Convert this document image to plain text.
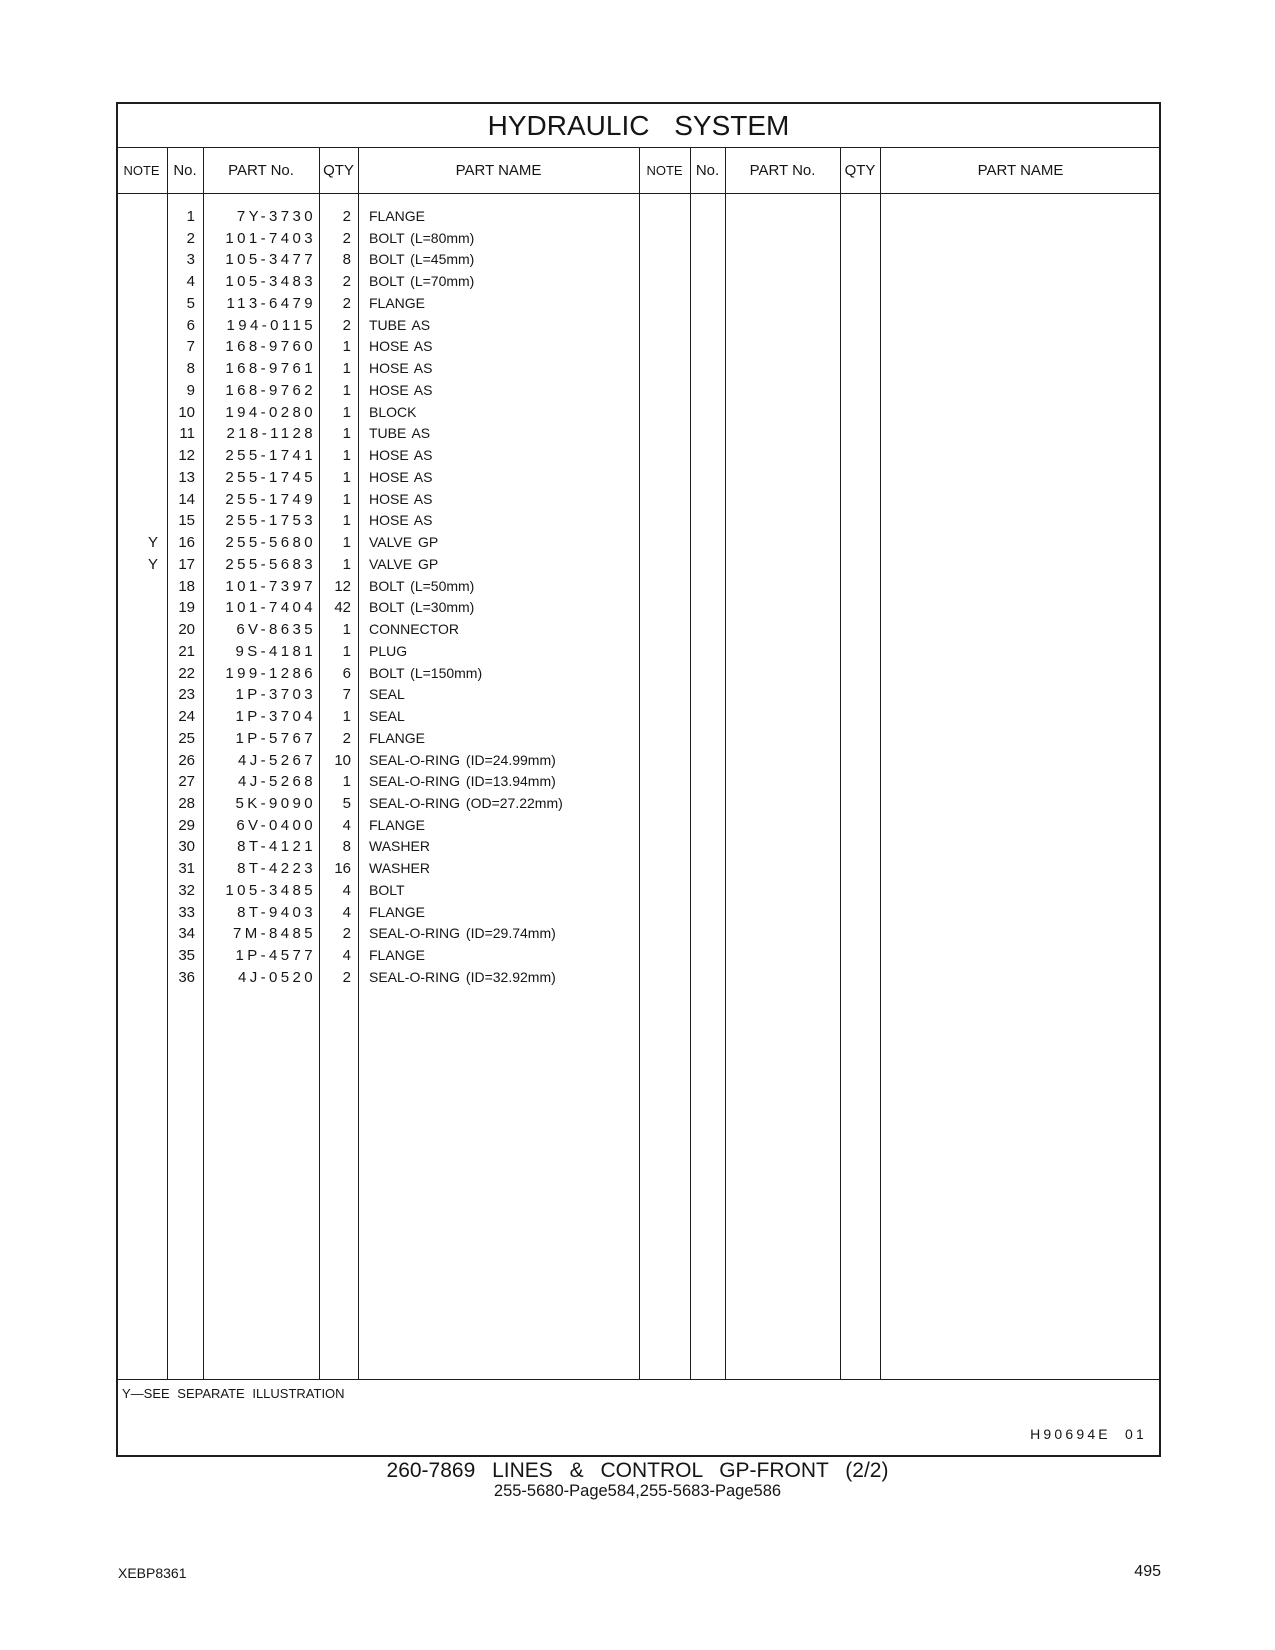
HYDRAULIC SYSTEM
NOTE No.	PART No.	QTY	PART NAME	NOTE No.	PART No.	QTY	PART NAME
1	7Y-3730	2 FLANGE
2	101-7403	2 BOLT (L=80mm)
3	105-3477	8 BOLT (L=45mm)
4	105-3483	2 BOLT (L=70mm)
5	113-6479	2 FLANGE
6	194-0115	2 TUBE AS
7	168-9760	1 HOSE AS
8	168-9761	1 HOSE AS
9	168-9762	1 HOSE AS
10	194-0280	1 BLOCK
11	218-1128	1 TUBE AS
12	255-1741	1 HOSE AS
13	255-1745	1 HOSE AS
14	255-1749	1 HOSE AS
15	255-1753	1 HOSE AS
Y	16	255-5680	1 VALVE GP
Y	17	255-5683	1 VALVE GP
18	101-7397	12 BOLT (L=50mm)
19	101-7404	42 BOLT (L=30mm)
20	6V-8635	1 CONNECTOR
21	9S-4181	1 PLUG
22	199-1286	6 BOLT (L=150mm)
23	1P-3703	7 SEAL
24	1P-3704	1 SEAL
25	1P-5767	2 FLANGE
26	4J-5267	10 SEAL-O-RING (ID=24.99mm)
27	4J-5268	1 SEAL-O-RING (ID=13.94mm)
28	5K-9090	5 SEAL-O-RING (OD=27.22mm)
29	6V-0400	4 FLANGE
30	8T-4121	8 WASHER
31	8T-4223	16 WASHER
32	105-3485	4 BOLT
33	8T-9403	4 FLANGE
34	7M-8485	2 SEAL-O-RING (ID=29.74mm)
35	1P-4577	4 FLANGE
36	4J-0520	2 SEAL-O-RING (ID=32.92mm)
Y—SEE SEPARATE ILLUSTRATION
H90694E  01
260-7869 LINES & CONTROL GP-FRONT (2/2)
255-5680-Page584,255-5683-Page586
XEBP8361	495
